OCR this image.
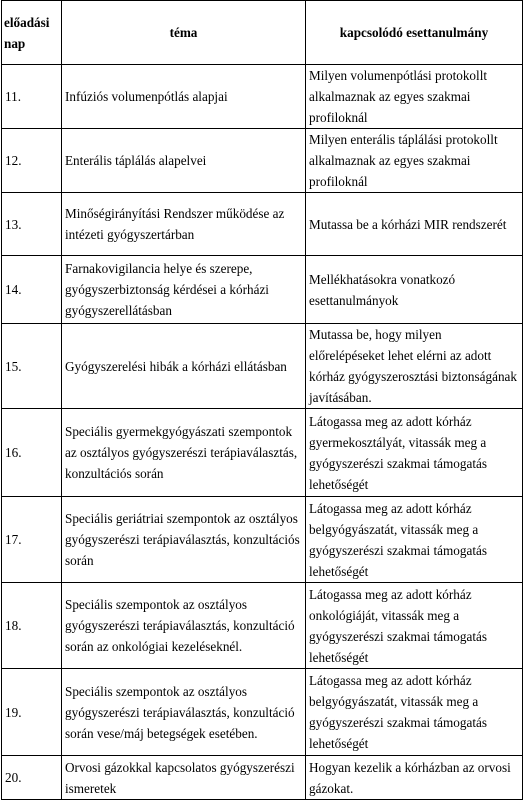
előadási nap	téma	kapcsolódó esettanulmány
11.	Infúziós volumenpótlás alapjai	Milyen volumenpótlási protokollt alkalmaznak az egyes szakmai profiloknál
12.	Enterális táplálás alapelvei	Milyen enterális táplálási protokollt alkalmaznak az egyes szakmai profiloknál
13.	Minőségirányítási Rendszer működése az intézeti gyógyszertárban	Mutassa be a kórházi MIR rendszerét
14.	Farnakovigilancia helye és szerepe, gyógyszerbiztonság kérdései a kórházi gyógyszerellátásban	Mellékhatásokra vonatkozó esettanulmányok
15.	Gyógyszerelési hibák a kórházi ellátásban	Mutassa be, hogy milyen előrelépéseket lehet elérni az adott kórház gyógyszerosztási biztonságának javításában.
16.	Speciális gyermekgyógyászati szempontok az osztályos gyógyszerészi terápiaválasztás, konzultációs során	Látogassa meg az adott kórház gyermekosztályát, vitassák meg a gyógyszerészi szakmai támogatás lehetőségét
17.	Speciális geriátriai szempontok az osztályos gyógyszerészi terápiaválasztás, konzultációs során	Látogassa meg az adott kórház belgyógyászatát, vitassák meg a gyógyszerészi szakmai támogatás lehetőségét
18.	Speciális szempontok az osztályos gyógyszerészi terápiaválasztás, konzultáció során az onkológiai kezeléseknél.	Látogassa meg az adott kórház onkológiáját, vitassák meg a gyógyszerészi szakmai támogatás lehetőségét
19.	Speciális szempontok az osztályos gyógyszerészi terápiaválasztás, konzultáció során vese/máj betegségek esetében.	Látogassa meg az adott kórház belgyógyászatát, vitassák meg a gyógyszerészi szakmai támogatás lehetőségét
20.	Orvosi gázokkal kapcsolatos gyógyszerészi ismeretek	Hogyan kezelik a kórházban az orvosi gázokat.
